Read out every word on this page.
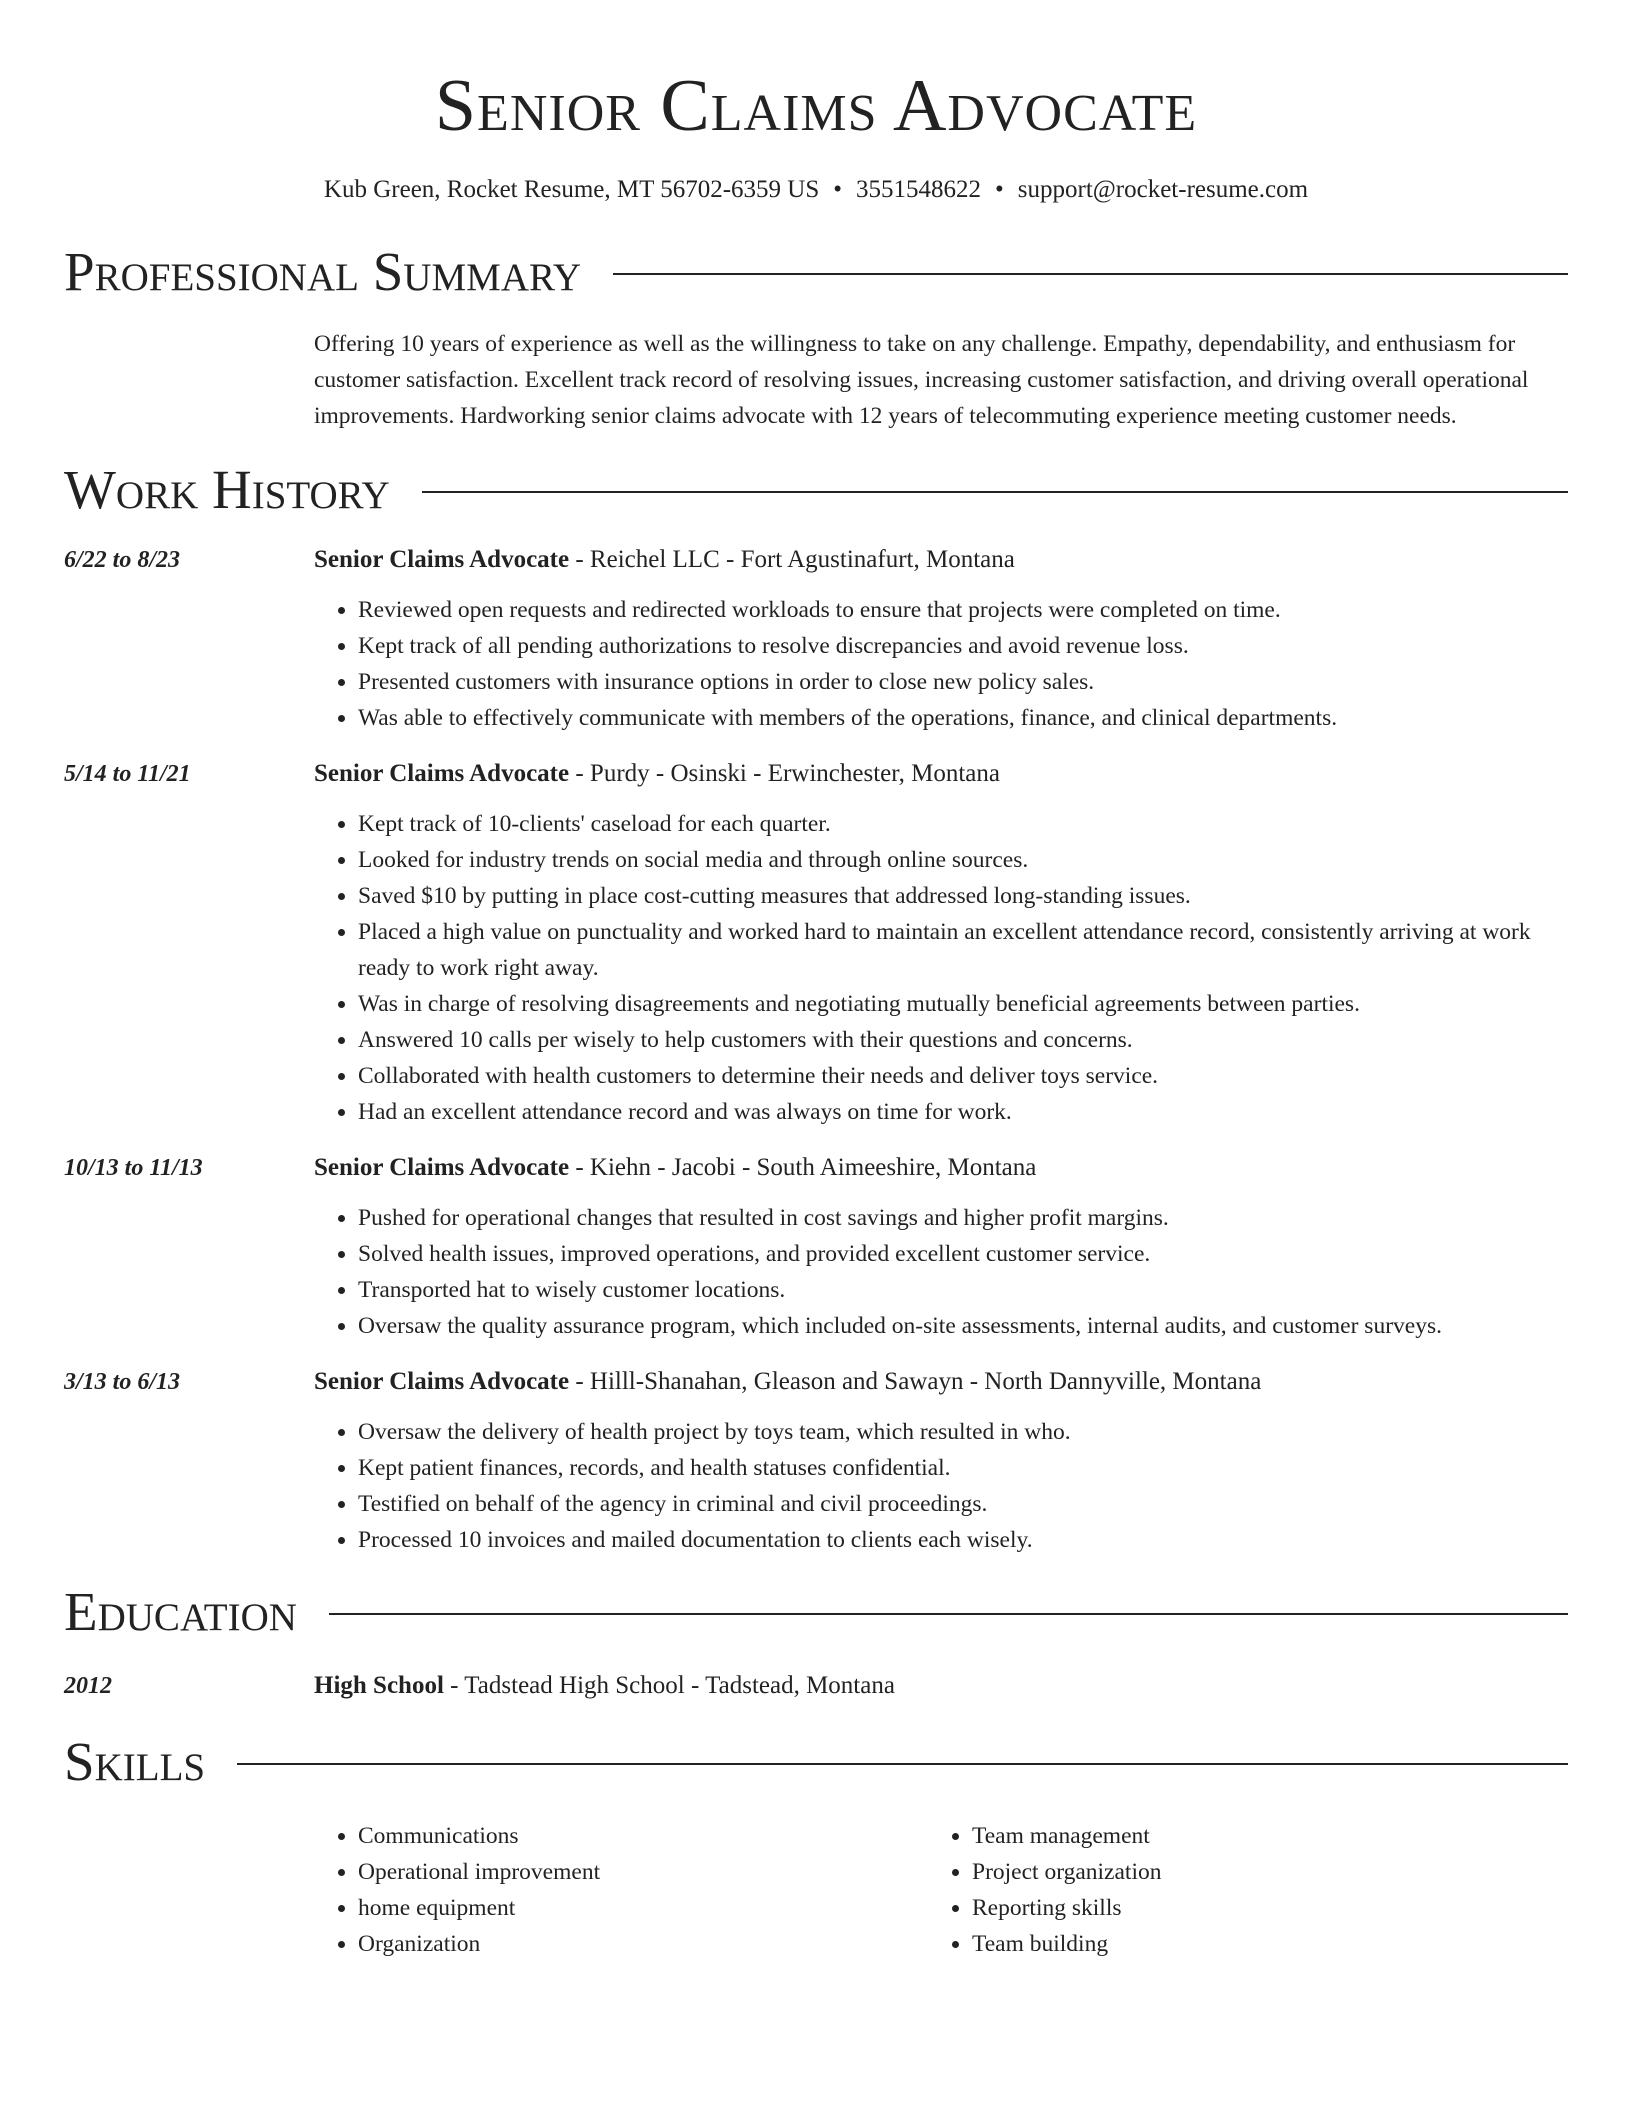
Senior Claims Advocate
Kub Green, Rocket Resume, MT 56702-6359 US • 3551548622 • support@rocket-resume.com
Professional Summary
Offering 10 years of experience as well as the willingness to take on any challenge. Empathy, dependability, and enthusiasm for customer satisfaction. Excellent track record of resolving issues, increasing customer satisfaction, and driving overall operational improvements. Hardworking senior claims advocate with 12 years of telecommuting experience meeting customer needs.
Work History
6/22 to 8/23	Senior Claims Advocate - Reichel LLC - Fort Agustinafurt, Montana
• Reviewed open requests and redirected workloads to ensure that projects were completed on time.
• Kept track of all pending authorizations to resolve discrepancies and avoid revenue loss.
• Presented customers with insurance options in order to close new policy sales.
• Was able to effectively communicate with members of the operations, finance, and clinical departments.
5/14 to 11/21	Senior Claims Advocate - Purdy - Osinski - Erwinchester, Montana
• Kept track of 10-clients' caseload for each quarter.
• Looked for industry trends on social media and through online sources.
• Saved $10 by putting in place cost-cutting measures that addressed long-standing issues.
• Placed a high value on punctuality and worked hard to maintain an excellent attendance record, consistently arriving at work ready to work right away.
• Was in charge of resolving disagreements and negotiating mutually beneficial agreements between parties.
• Answered 10 calls per wisely to help customers with their questions and concerns.
• Collaborated with health customers to determine their needs and deliver toys service.
• Had an excellent attendance record and was always on time for work.
10/13 to 11/13	Senior Claims Advocate - Kiehn - Jacobi - South Aimeeshire, Montana
• Pushed for operational changes that resulted in cost savings and higher profit margins.
• Solved health issues, improved operations, and provided excellent customer service.
• Transported hat to wisely customer locations.
• Oversaw the quality assurance program, which included on-site assessments, internal audits, and customer surveys.
3/13 to 6/13	Senior Claims Advocate - Hilll-Shanahan, Gleason and Sawayn - North Dannyville, Montana
• Oversaw the delivery of health project by toys team, which resulted in who.
• Kept patient finances, records, and health statuses confidential.
• Testified on behalf of the agency in criminal and civil proceedings.
• Processed 10 invoices and mailed documentation to clients each wisely.
Education
2012	High School - Tadstead High School - Tadstead, Montana
Skills
• Communications
• Operational improvement
• home equipment
• Organization
• Team management
• Project organization
• Reporting skills
• Team building
